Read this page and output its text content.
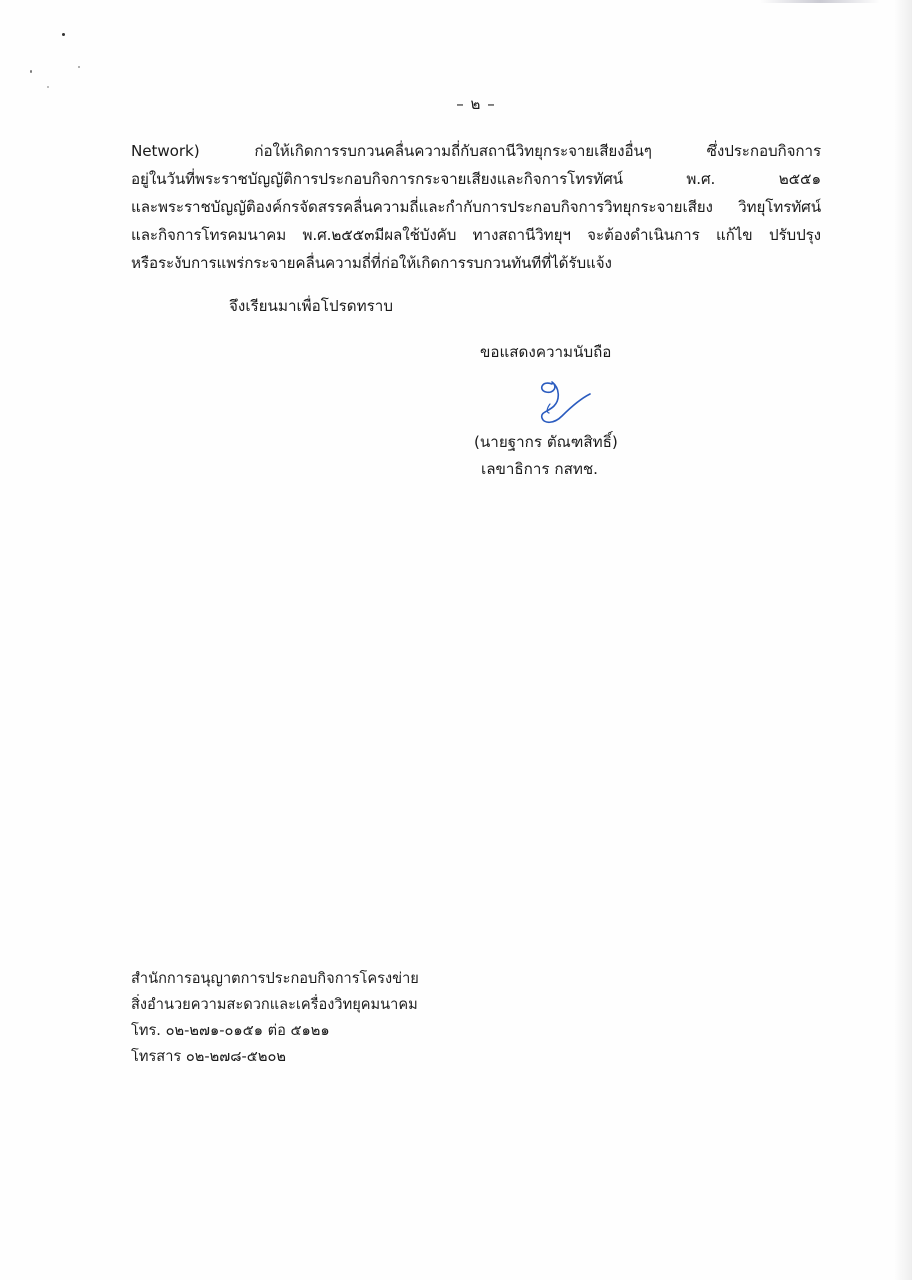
– ๒ –
Network) ก่อให้เกิดการรบกวนคลื่นความถี่กับสถานีวิทยุกระจายเสียงอื่นๆ ซึ่งประกอบกิจการ
อยู่ในวันที่พระราชบัญญัติการประกอบกิจการกระจายเสียงและกิจการโทรทัศน์ พ.ศ. ๒๕๕๑
และพระราชบัญญัติองค์กรจัดสรรคลื่นความถี่และกำกับการประกอบกิจการวิทยุกระจายเสียง วิทยุโทรทัศน์
และกิจการโทรคมนาคม พ.ศ.๒๕๕๓มีผลใช้บังคับ ทางสถานีวิทยุฯ จะต้องดำเนินการ แก้ไข ปรับปรุง
หรือระงับการแพร่กระจายคลื่นความถี่ที่ก่อให้เกิดการรบกวนทันทีที่ได้รับแจ้ง
จึงเรียนมาเพื่อโปรดทราบ
ขอแสดงความนับถือ
(นายฐากร ตัณฑสิทธิ์)
เลขาธิการ กสทช.
สำนักการอนุญาตการประกอบกิจการโครงข่าย
สิ่งอำนวยความสะดวกและเครื่องวิทยุคมนาคม
โทร. ๐๒-๒๗๑-๐๑๕๑ ต่อ ๕๑๒๑
โทรสาร ๐๒-๒๗๘-๕๒๐๒
